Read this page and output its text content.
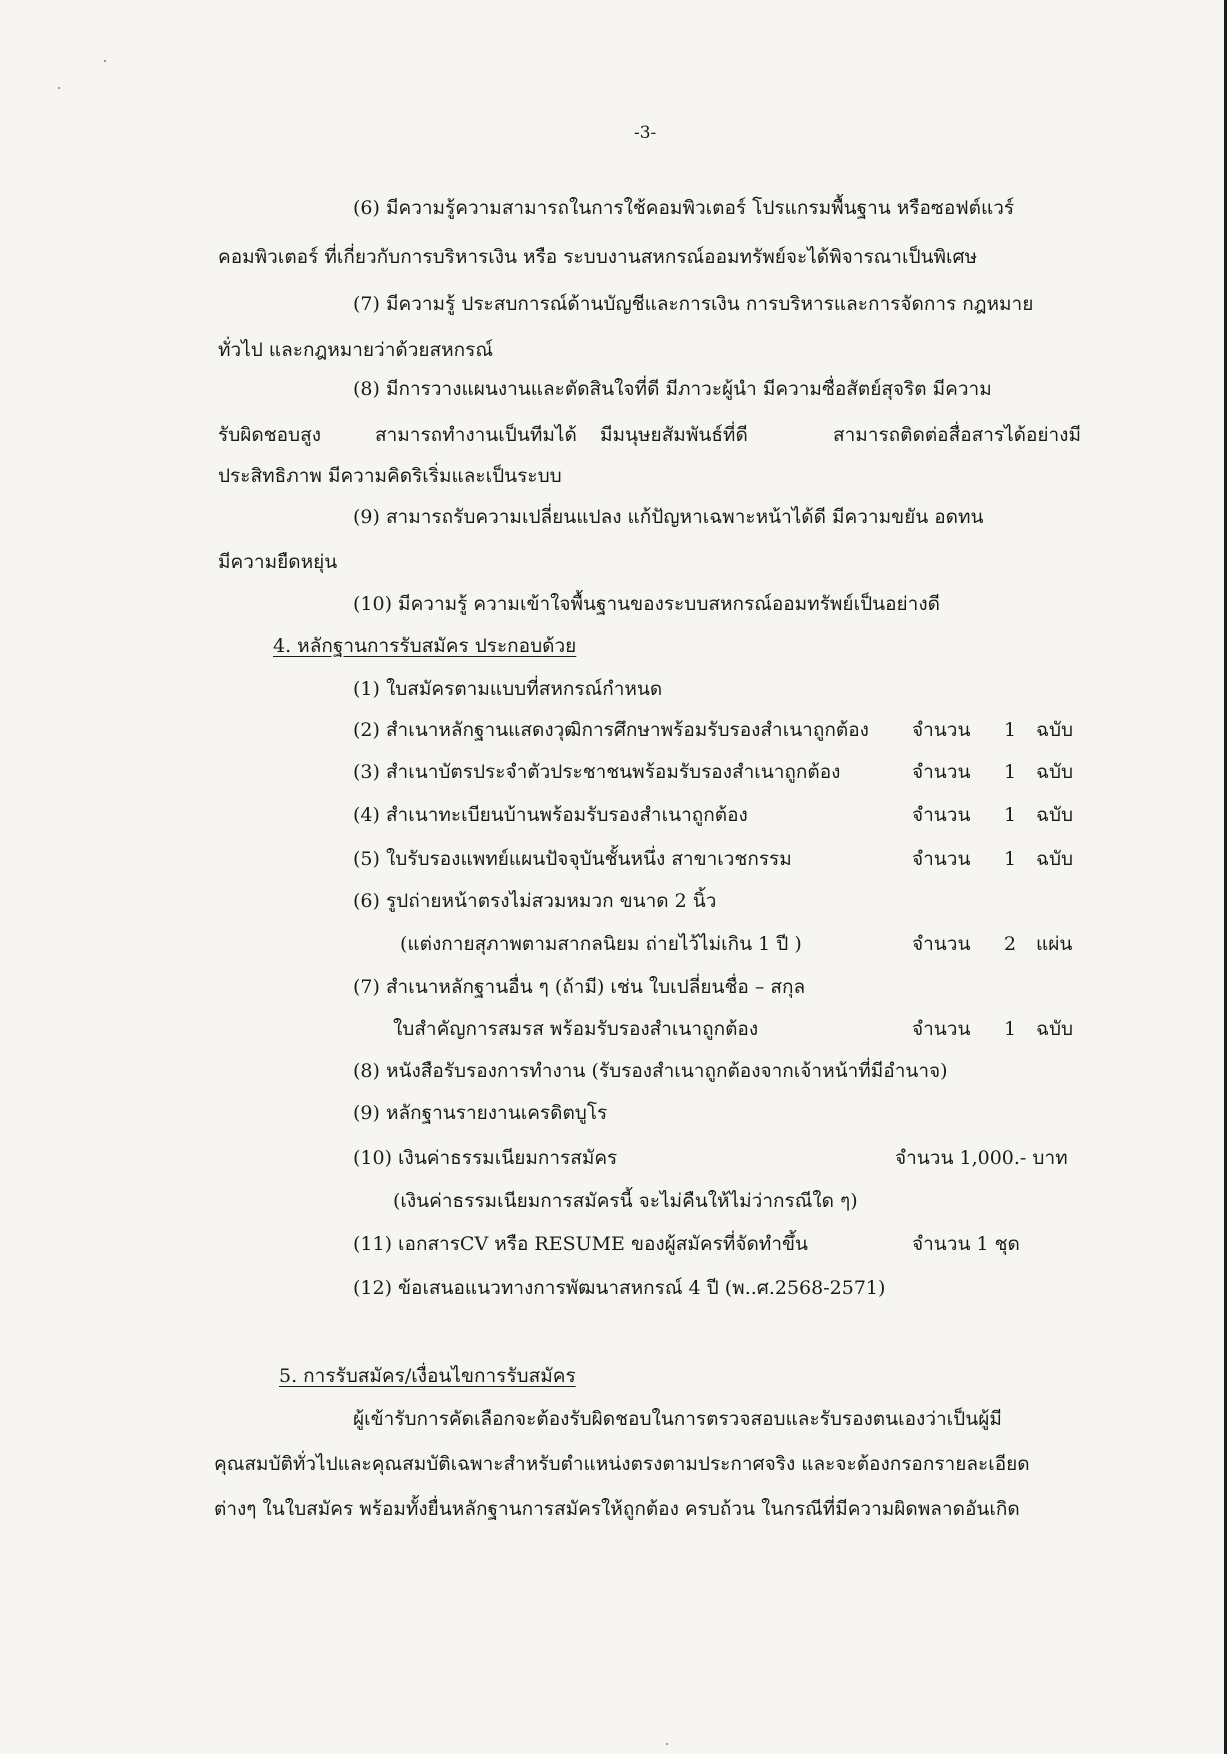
-3-
(6) มีความรู้ความสามารถในการใช้คอมพิวเตอร์ โปรแกรมพื้นฐาน หรือซอฟต์แวร์
คอมพิวเตอร์ ที่เกี่ยวกับการบริหารเงิน หรือ ระบบงานสหกรณ์ออมทรัพย์จะได้พิจารณาเป็นพิเศษ
(7) มีความรู้ ประสบการณ์ด้านบัญชีและการเงิน การบริหารและการจัดการ กฎหมาย
ทั่วไป และกฎหมายว่าด้วยสหกรณ์
(8) มีการวางแผนงานและตัดสินใจที่ดี มีภาวะผู้นำ มีความซื่อสัตย์สุจริต มีความ
รับผิดชอบสูง	สามารถทำงานเป็นทีมได้ มีมนุษยสัมพันธ์ที่ดี	สามารถติดต่อสื่อสารได้อย่างมี
ประสิทธิภาพ มีความคิดริเริ่มและเป็นระบบ
(9) สามารถรับความเปลี่ยนแปลง แก้ปัญหาเฉพาะหน้าได้ดี มีความขยัน อดทน
มีความยืดหยุ่น
(10) มีความรู้ ความเข้าใจพื้นฐานของระบบสหกรณ์ออมทรัพย์เป็นอย่างดี
4. หลักฐานการรับสมัคร ประกอบด้วย
(1) ใบสมัครตามแบบที่สหกรณ์กำหนด
(2) สำเนาหลักฐานแสดงวุฒิการศึกษาพร้อมรับรองสำเนาถูกต้อง จำนวน 1 ฉบับ
(3) สำเนาบัตรประจำตัวประชาชนพร้อมรับรองสำเนาถูกต้อง	จำนวน 1 ฉบับ
(4) สำเนาทะเบียนบ้านพร้อมรับรองสำเนาถูกต้อง	จำนวน 1 ฉบับ
(5) ใบรับรองแพทย์แผนปัจจุบันชั้นหนึ่ง สาขาเวชกรรม	จำนวน 1 ฉบับ
(6) รูปถ่ายหน้าตรงไม่สวมหมวก ขนาด 2 นิ้ว
(แต่งกายสุภาพตามสากลนิยม ถ่ายไว้ไม่เกิน 1 ปี )	จำนวน 2 แผ่น
(7) สำเนาหลักฐานอื่น ๆ (ถ้ามี) เช่น ใบเปลี่ยนชื่อ – สกุล
ใบสำคัญการสมรส พร้อมรับรองสำเนาถูกต้อง	จำนวน 1 ฉบับ
(8) หนังสือรับรองการทำงาน (รับรองสำเนาถูกต้องจากเจ้าหน้าที่มีอำนาจ)
(9) หลักฐานรายงานเครดิตบูโร
(10) เงินค่าธรรมเนียมการสมัคร	จำนวน 1,000.- บาท
(เงินค่าธรรมเนียมการสมัครนี้ จะไม่คืนให้ไม่ว่ากรณีใด ๆ)
(11) เอกสารCV หรือ RESUME ของผู้สมัครที่จัดทำขึ้น	จำนวน 1 ชุด
(12) ข้อเสนอแนวทางการพัฒนาสหกรณ์ 4 ปี (พ..ศ.2568-2571)
5. การรับสมัคร/เงื่อนไขการรับสมัคร
ผู้เข้ารับการคัดเลือกจะต้องรับผิดชอบในการตรวจสอบและรับรองตนเองว่าเป็นผู้มี
คุณสมบัติทั่วไปและคุณสมบัติเฉพาะสำหรับตำแหน่งตรงตามประกาศจริง และจะต้องกรอกรายละเอียด
ต่างๆ ในใบสมัคร พร้อมทั้งยื่นหลักฐานการสมัครให้ถูกต้อง ครบถ้วน ในกรณีที่มีความผิดพลาดอันเกิด
